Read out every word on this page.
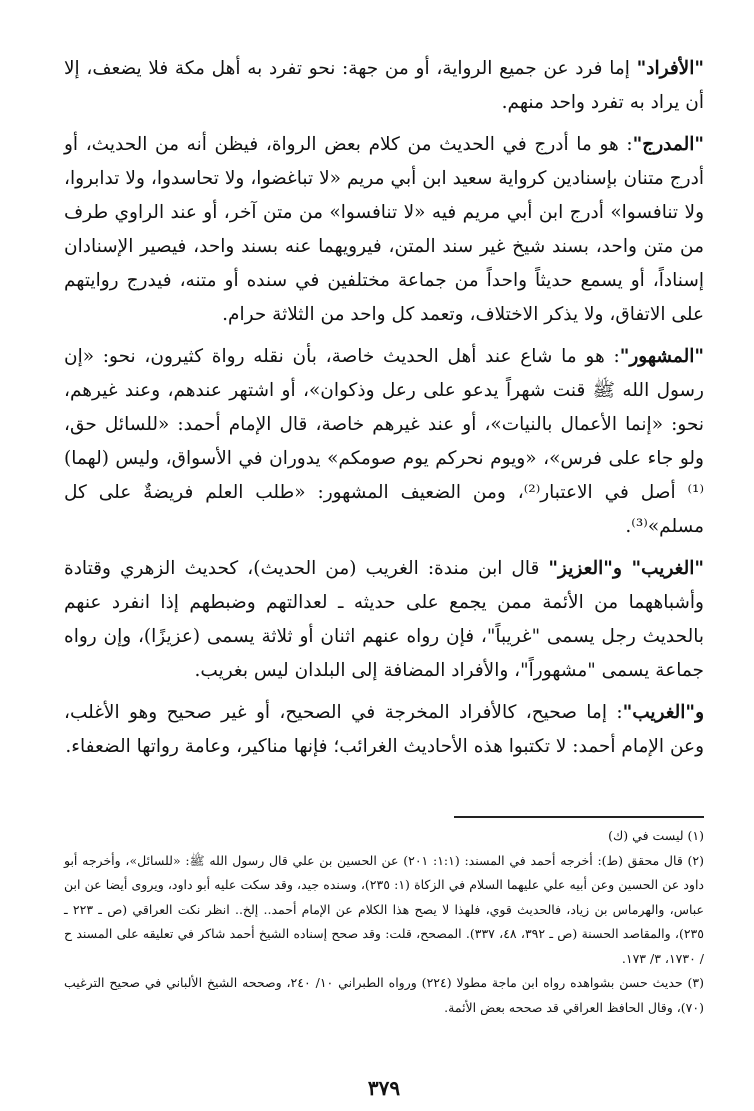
"الأفراد" إما فرد عن جميع الرواية، أو من جهة: نحو تفرد به أهل مكة فلا يضعف، إلا أن يراد به تفرد واحد منهم.

"المدرج": هو ما أدرج في الحديث من كلام بعض الرواة، فيظن أنه من الحديث، أو أدرج متنان بإسنادين كرواية سعيد ابن أبي مريم «لا تباغضوا، ولا تحاسدوا، ولا تدابروا، ولا تنافسوا» أدرج ابن أبي مريم فيه «لا تنافسوا» من متن آخر، أو عند الراوي طرف من متن واحد، بسند شيخ غير سند المتن، فيرويهما عنه بسند واحد، فيصير الإسنادان إسناداً، أو يسمع حديثاً واحداً من جماعة مختلفين في سنده أو متنه، فيدرج روايتهم على الاتفاق، ولا يذكر الاختلاف، وتعمد كل واحد من الثلاثة حرام.

"المشهور": هو ما شاع عند أهل الحديث خاصة، بأن نقله رواة كثيرون، نحو: «إن رسول الله ﷺ قنت شهراً يدعو على رعل وذكوان»، أو اشتهر عندهم، وعند غيرهم، نحو: «إنما الأعمال بالنيات»، أو عند غيرهم خاصة، قال الإمام أحمد: «للسائل حق، ولو جاء على فرس»، «ويوم نحركم يوم صومكم» يدوران في الأسواق، وليس (لهما)⁽¹⁾ أصل في الاعتبار⁽²⁾، ومن الضعيف المشهور: «طلب العلم فريضةٌ على كل مسلم»⁽³⁾.

"الغريب" و"العزيز" قال ابن مندة: الغريب (من الحديث)، كحديث الزهري وقتادة وأشباههما من الأئمة ممن يجمع على حديثه ـ لعدالتهم وضبطهم إذا انفرد عنهم بالحديث رجل يسمى "غريباً"، فإن رواه عنهم اثنان أو ثلاثة يسمى (عزيزًا)، وإن رواه جماعة يسمى "مشهوراً"، والأفراد المضافة إلى البلدان ليس بغريب.

و"الغريب": إما صحيح، كالأفراد المخرجة في الصحيح، أو غير صحيح وهو الأغلب، وعن الإمام أحمد: لا تكتبوا هذه الأحاديث الغرائب؛ فإنها مناكير، وعامة رواتها الضعفاء.

(١) ليست في (ك)

(٢) قال محقق (ط): أخرجه أحمد في المسند: (١:١: ٢٠١) عن الحسين بن علي قال رسول الله ﷺ: «للسائل»، وأخرجه أبو داود عن الحسين وعن أبيه علي عليهما السلام في الزكاة (١: ٢٣٥)، وسنده جيد، وقد سكت عليه أبو داود، ويروى أيضا عن ابن عباس، والهرماس بن زياد، فالحديث قوي، فلهذا لا يصح هذا الكلام عن الإمام أحمد.. إلخ.. انظر نكت العراقي (ص ـ ٢٢٣ ـ ٢٣٥)، والمقاصد الحسنة (ص ـ ٣٩٢، ٤٨، ٣٣٧). المصحح، قلت: وقد صحح إسناده الشيخ أحمد شاكر في تعليقه على المسند ح / ١٧٣٠، ٣/ ١٧٣.

(٣) حديث حسن بشواهده رواه ابن ماجة مطولا (٢٢٤) ورواه الطبراني ١٠/ ٢٤٠، وصححه الشيخ الألباني في صحيح الترغيب (٧٠)، وقال الحافظ العراقي قد صححه بعض الأئمة.

٣٧٩
